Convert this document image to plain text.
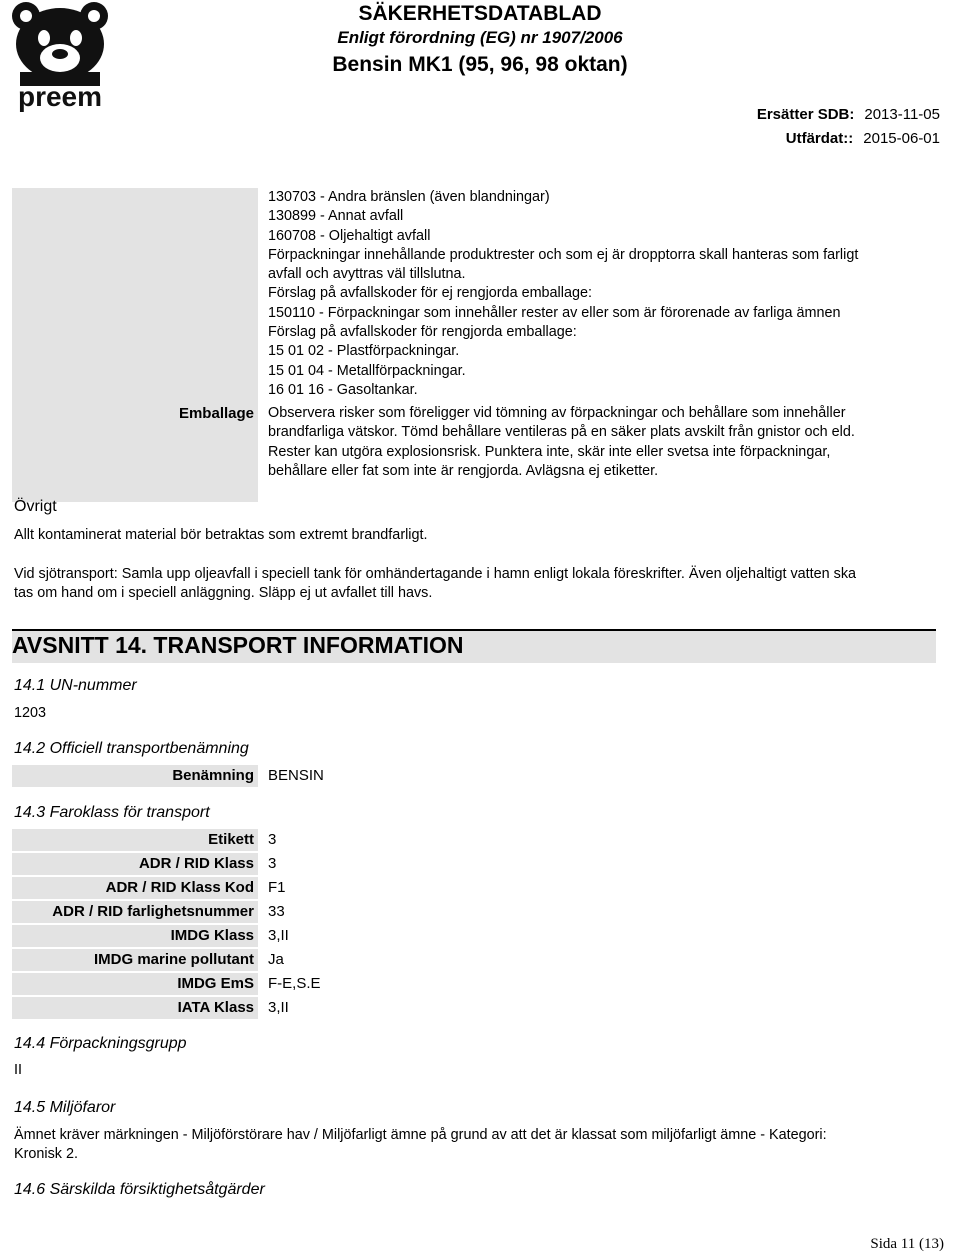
preem
SÄKERHETSDATABLAD
Enligt förordning (EG) nr 1907/2006
Bensin MK1 (95, 96, 98 oktan)
Ersätter SDB: 2013-11-05
Utfärdat:: 2015-06-01
130703 - Andra bränslen (även blandningar)
130899 - Annat avfall
160708 - Oljehaltigt avfall
Förpackningar innehållande produktrester och som ej är dropptorra skall hanteras som farligt
avfall och avyttras väl tillslutna.
Förslag på avfallskoder för ej rengjorda emballage:
150110 - Förpackningar som innehåller rester av eller som är förorenade av farliga ämnen
Förslag på avfallskoder för rengjorda emballage:
15 01 02 - Plastförpackningar.
15 01 04 - Metallförpackningar.
16 01 16 - Gasoltankar.
Emballage Observera risker som föreligger vid tömning av förpackningar och behållare som innehåller
brandfarliga vätskor. Tömd behållare ventileras på en säker plats avskilt från gnistor och eld.
Rester kan utgöra explosionsrisk. Punktera inte, skär inte eller svetsa inte förpackningar,
behållare eller fat som inte är rengjorda. Avlägsna ej etiketter.
Övrigt
Allt kontaminerat material bör betraktas som extremt brandfarligt.
Vid sjötransport: Samla upp oljeavfall i speciell tank för omhändertagande i hamn enligt lokala föreskrifter. Även oljehaltigt vatten ska
tas om hand om i speciell anläggning. Släpp ej ut avfallet till havs.
AVSNITT 14. TRANSPORT INFORMATION
14.1 UN-nummer
1203
14.2 Officiell transportbenämning
Benämning BENSIN
14.3 Faroklass för transport
Etikett 3
ADR / RID Klass 3
ADR / RID Klass Kod F1
ADR / RID farlighetsnummer 33
IMDG Klass 3,II
IMDG marine pollutant Ja
IMDG EmS F-E,S.E
IATA Klass 3,II
14.4 Förpackningsgrupp
II
14.5 Miljöfaror
Ämnet kräver märkningen - Miljöförstörare hav / Miljöfarligt ämne på grund av att det är klassat som miljöfarligt ämne - Kategori:
Kronisk 2.
14.6 Särskilda försiktighetsåtgärder
Sida 11 (13)
